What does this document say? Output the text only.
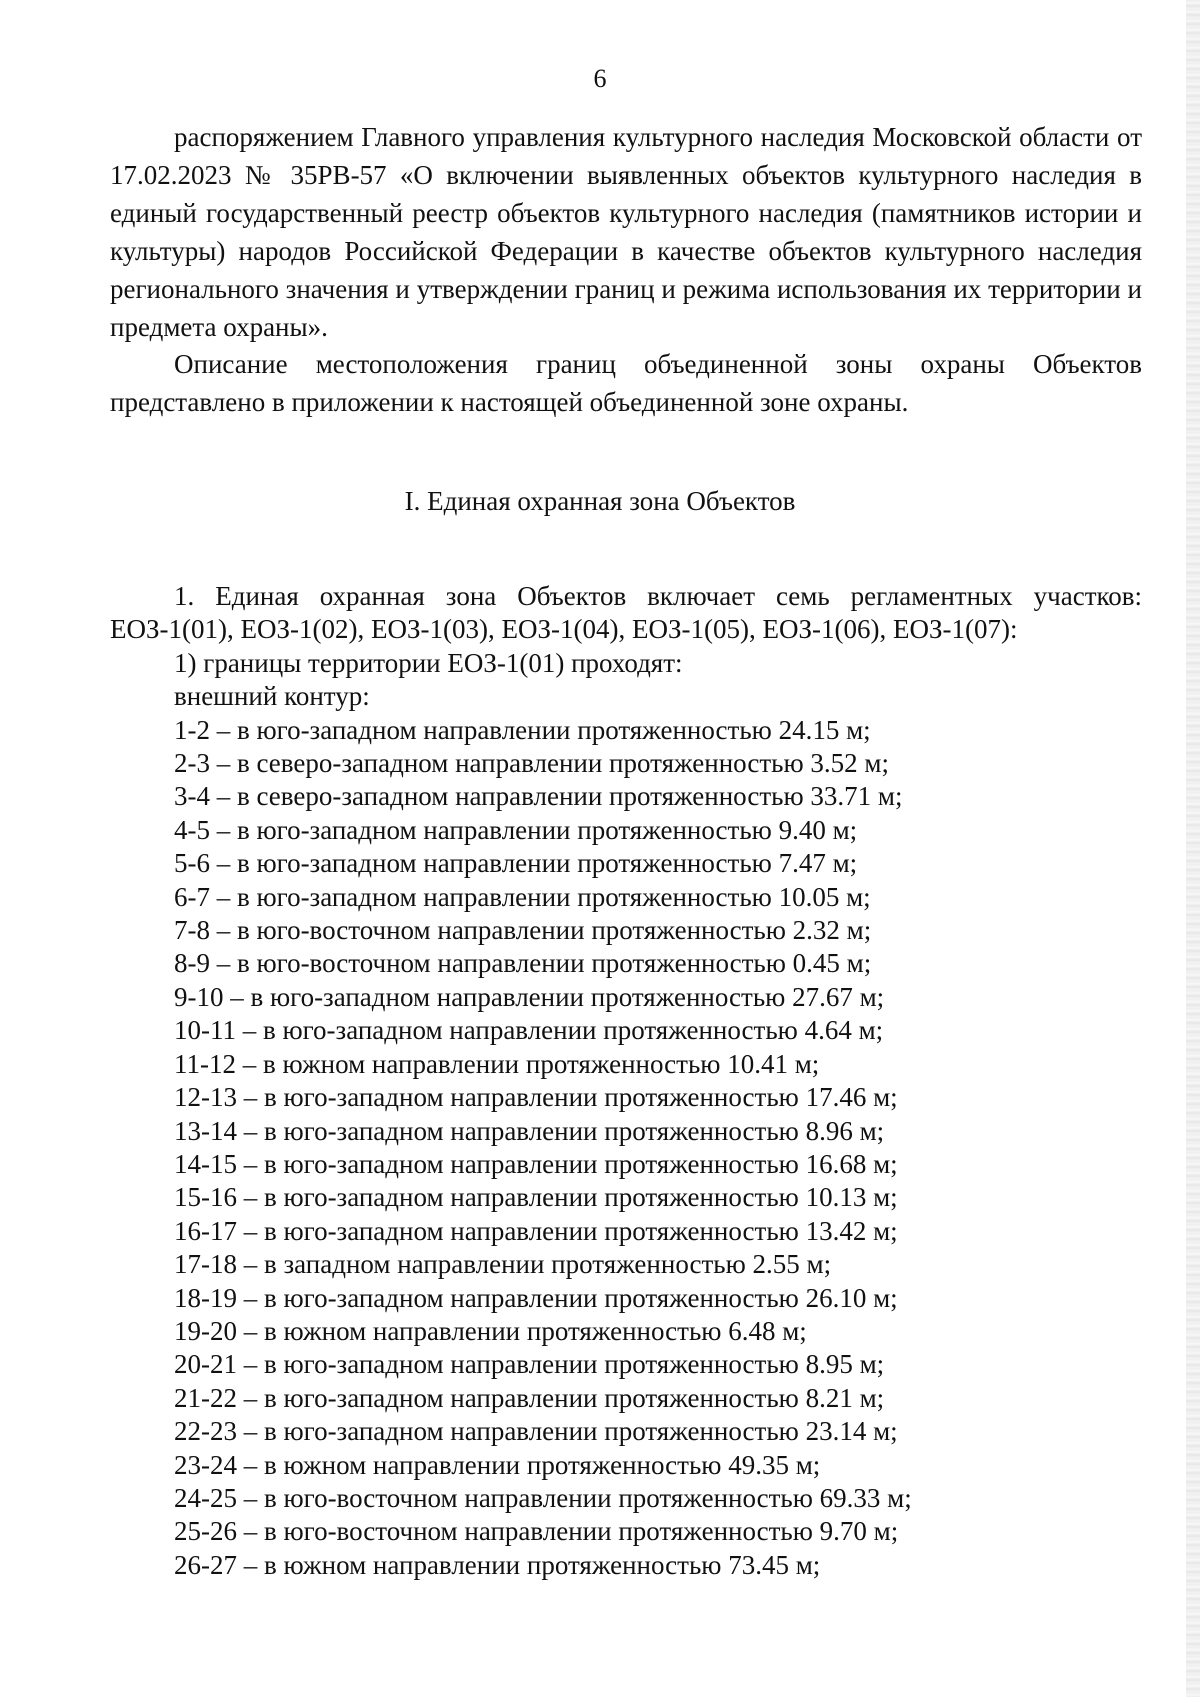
6

распоряжением Главного управления культурного наследия Московской области от 17.02.2023 № 35РВ-57 «О включении выявленных объектов культурного наследия в единый государственный реестр объектов культурного наследия (памятников истории и культуры) народов Российской Федерации в качестве объектов культурного наследия регионального значения и утверждении границ и режима использования их территории и предмета охраны».

Описание местоположения границ объединенной зоны охраны Объектов представлено в приложении к настоящей объединенной зоне охраны.

I. Единая охранная зона Объектов

1. Единая охранная зона Объектов включает семь регламентных участков: ЕОЗ-1(01), ЕОЗ-1(02), ЕОЗ-1(03), ЕОЗ-1(04), ЕОЗ-1(05), ЕОЗ-1(06), ЕОЗ-1(07):

1) границы территории ЕОЗ-1(01) проходят:

внешний контур:

1-2 – в юго-западном направлении протяженностью 24.15 м;

2-3 – в северо-западном направлении протяженностью 3.52 м;

3-4 – в северо-западном направлении протяженностью 33.71 м;

4-5 – в юго-западном направлении протяженностью 9.40 м;

5-6 – в юго-западном направлении протяженностью 7.47 м;

6-7 – в юго-западном направлении протяженностью 10.05 м;

7-8 – в юго-восточном направлении протяженностью 2.32 м;

8-9 – в юго-восточном направлении протяженностью 0.45 м;

9-10 – в юго-западном направлении протяженностью 27.67 м;

10-11 – в юго-западном направлении протяженностью 4.64 м;

11-12 – в южном направлении протяженностью 10.41 м;

12-13 – в юго-западном направлении протяженностью 17.46 м;

13-14 – в юго-западном направлении протяженностью 8.96 м;

14-15 – в юго-западном направлении протяженностью 16.68 м;

15-16 – в юго-западном направлении протяженностью 10.13 м;

16-17 – в юго-западном направлении протяженностью 13.42 м;

17-18 – в западном направлении протяженностью 2.55 м;

18-19 – в юго-западном направлении протяженностью 26.10 м;

19-20 – в южном направлении протяженностью 6.48 м;

20-21 – в юго-западном направлении протяженностью 8.95 м;

21-22 – в юго-западном направлении протяженностью 8.21 м;

22-23 – в юго-западном направлении протяженностью 23.14 м;

23-24 – в южном направлении протяженностью 49.35 м;

24-25 – в юго-восточном направлении протяженностью 69.33 м;

25-26 – в юго-восточном направлении протяженностью 9.70 м;

26-27 – в южном направлении протяженностью 73.45 м;
